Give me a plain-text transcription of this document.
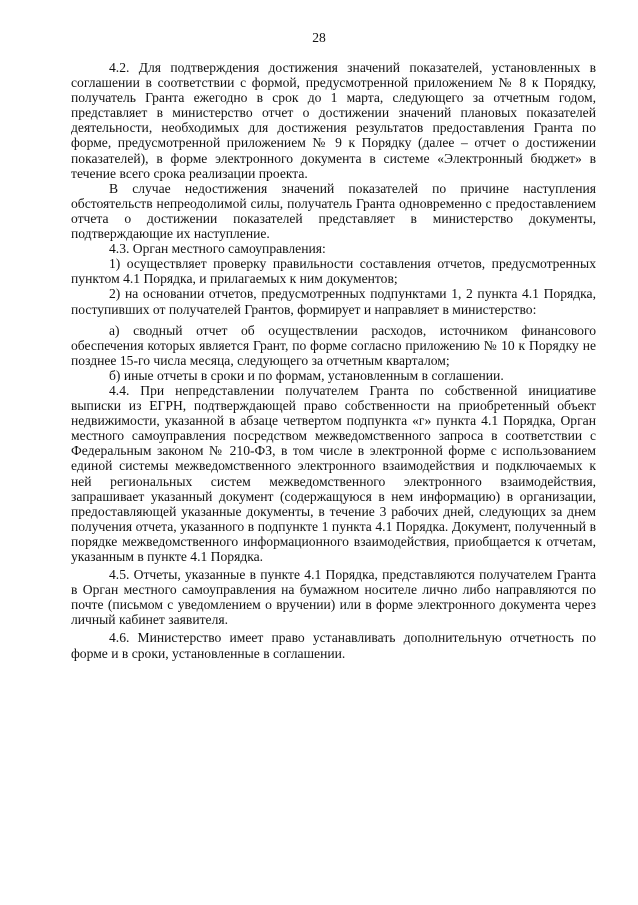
28

4.2. Для подтверждения достижения значений показателей, установленных в соглашении в соответствии с формой, предусмотренной приложением № 8 к Порядку, получатель Гранта ежегодно в срок до 1 марта, следующего за отчетным годом, представляет в министерство отчет о достижении значений плановых показателей деятельности, необходимых для достижения результатов предоставления Гранта по форме, предусмотренной приложением № 9 к Порядку (далее – отчет о достижении показателей), в форме электронного документа в системе «Электронный бюджет» в течение всего срока реализации проекта.

В случае недостижения значений показателей по причине наступления обстоятельств непреодолимой силы, получатель Гранта одновременно с предоставлением отчета о достижении показателей представляет в министерство документы, подтверждающие их наступление.

4.3. Орган местного самоуправления:

1) осуществляет проверку правильности составления отчетов, предусмотренных пунктом 4.1 Порядка, и прилагаемых к ним документов;

2) на основании отчетов, предусмотренных подпунктами 1, 2 пункта 4.1 Порядка, поступивших от получателей Грантов, формирует и направляет в министерство:

а) сводный отчет об осуществлении расходов, источником финансового обеспечения которых является Грант, по форме согласно приложению № 10 к Порядку не позднее 15-го числа месяца, следующего за отчетным кварталом;

б) иные отчеты в сроки и по формам, установленным в соглашении.

4.4. При непредставлении получателем Гранта по собственной инициативе выписки из ЕГРН, подтверждающей право собственности на приобретенный объект недвижимости, указанной в абзаце четвертом подпункта «г» пункта 4.1 Порядка, Орган местного самоуправления посредством межведомственного запроса в соответствии с Федеральным законом № 210-ФЗ, в том числе в электронной форме с использованием единой системы межведомственного электронного взаимодействия и подключаемых к ней региональных систем межведомственного электронного взаимодействия, запрашивает указанный документ (содержащуюся в нем информацию) в организации, предоставляющей указанные документы, в течение 3 рабочих дней, следующих за днем получения отчета, указанного в подпункте 1 пункта 4.1 Порядка. Документ, полученный в порядке межведомственного информационного взаимодействия, приобщается к отчетам, указанным в пункте 4.1 Порядка.

4.5. Отчеты, указанные в пункте 4.1 Порядка, представляются получателем Гранта в Орган местного самоуправления на бумажном носителе лично либо направляются по почте (письмом с уведомлением о вручении) или в форме электронного документа через личный кабинет заявителя.

4.6. Министерство имеет право устанавливать дополнительную отчетность по форме и в сроки, установленные в соглашении.
